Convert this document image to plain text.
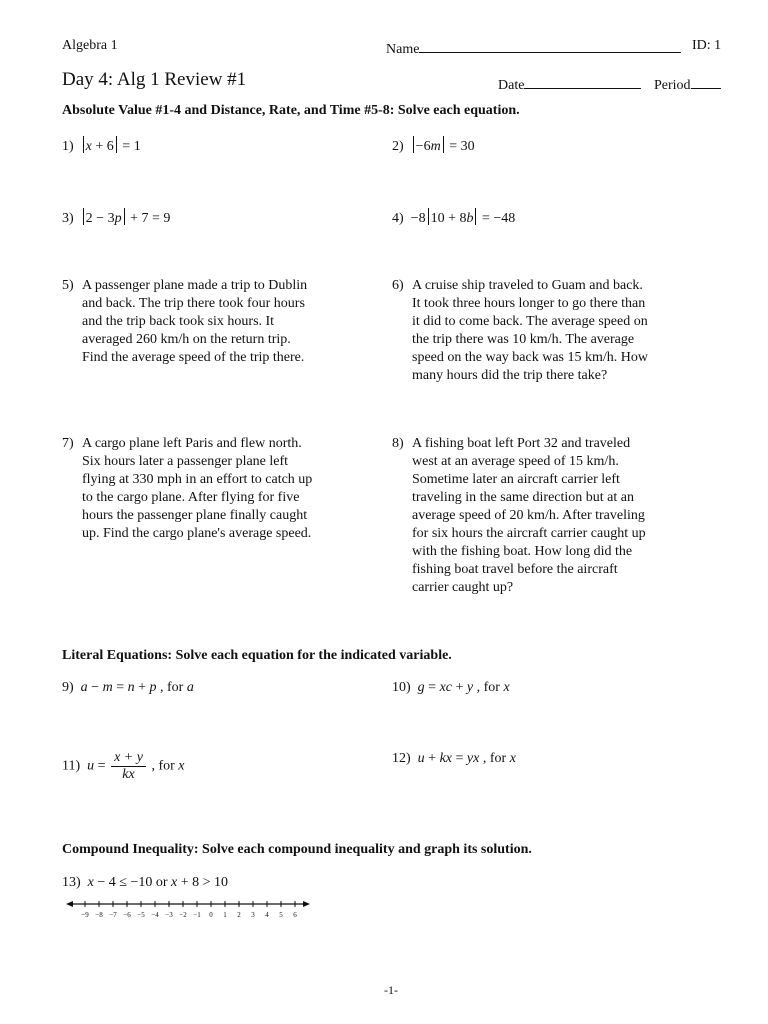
Algebra 1	Name	ID: 1
Day 4: Alg 1 Review #1	Date	Period
Absolute Value #1-4 and Distance, Rate, and Time #5-8: Solve each equation.
1) x + 6 = 1	2) −6m = 30
3) 2 − 3p + 7 = 9	4) −8 10 + 8b = −48
5) A passenger plane made a trip to Dublin
and back. The trip there took four hours
and the trip back took six hours. It
averaged 260 km/h on the return trip.
Find the average speed of the trip there.
6) A cruise ship traveled to Guam and back.
It took three hours longer to go there than
it did to come back. The average speed on
the trip there was 10 km/h. The average
speed on the way back was 15 km/h. How
many hours did the trip there take?
7) A cargo plane left Paris and flew north.
Six hours later a passenger plane left
flying at 330 mph in an effort to catch up
to the cargo plane. After flying for five
hours the passenger plane finally caught
up. Find the cargo plane's average speed.
8) A fishing boat left Port 32 and traveled
west at an average speed of 15 km/h.
Sometime later an aircraft carrier left
traveling in the same direction but at an
average speed of 20 km/h. After traveling
for six hours the aircraft carrier caught up
with the fishing boat. How long did the
fishing boat travel before the aircraft
carrier caught up?
Literal Equations: Solve each equation for the indicated variable.
9) a − m = n + p , for a	10) g = xc + y , for x
11) $u = \frac{x + y}{kx}$ , for x
12) u + kx = yx , for x
Compound Inequality: Solve each compound inequality and graph its solution.
13) x − 4 ≤ −10 or x + 8 > 10
−9 −8 −7 −6 −5 −4 −3 −2 −1 0 1 2 3 4 5 6
-1-
